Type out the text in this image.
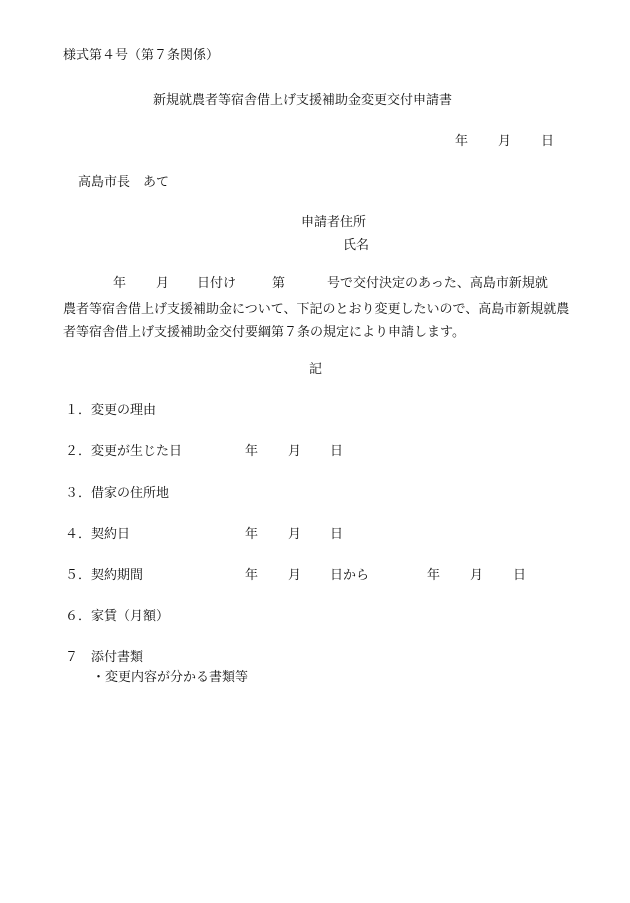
様式第４号（第７条関係）
新規就農者等宿舎借上げ支援補助金変更交付申請書
年 月 日
高島市長　あて
申請者住所
氏名
年 月 日付け	第	号で交付決定のあった、高島市新規就
農者等宿舎借上げ支援補助金について、下記のとおり変更したいので、高島市新規就農者等宿舎借上げ支援補助金交付要綱第７条の規定により申請します。
記
１．変更の理由
２．変更が生じた日	年 月 日
３．借家の住所地
４．契約日	年 月 日
５．契約期間	年 月 日から	年 月 日
６．家賃（月額）
７　添付書類
・変更内容が分かる書類等
